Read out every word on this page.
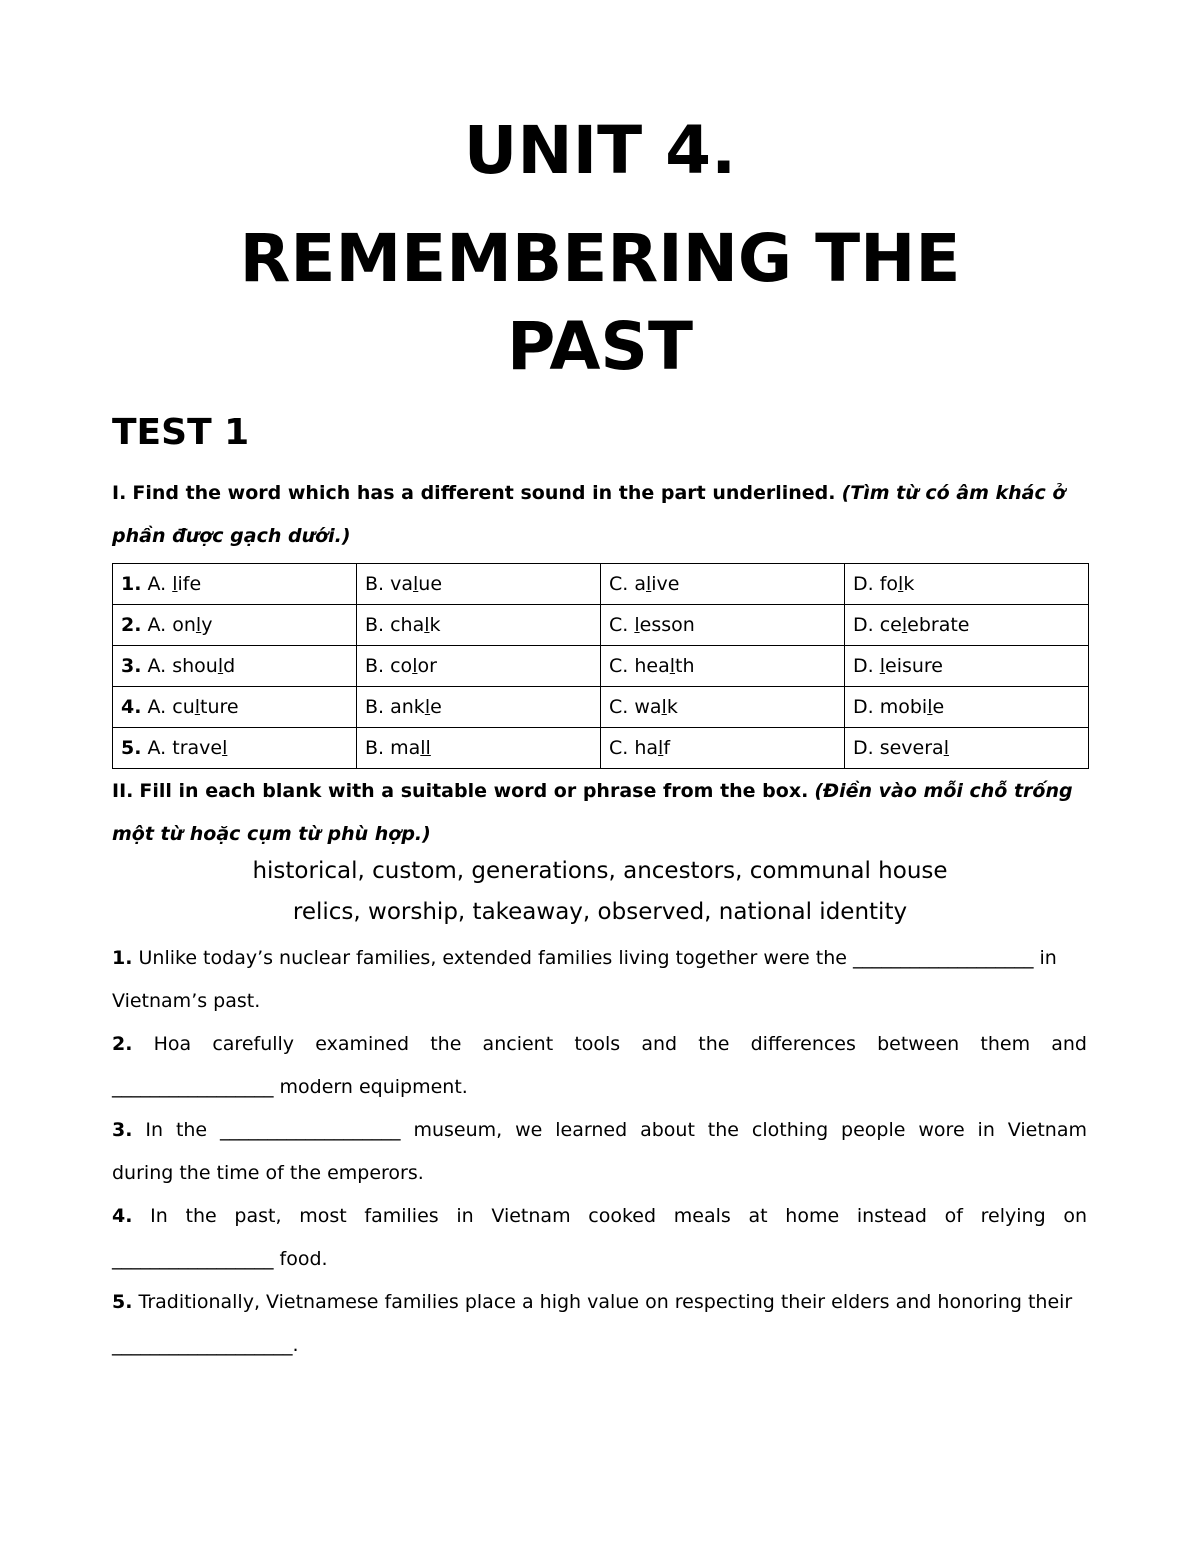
UNIT 4.
REMEMBERING THE
PAST
TEST 1

I. Find the word which has a different sound in the part underlined. (Tìm từ có âm khác ở phần được gạch dưới.)

1. A. life	B. value	C. alive	D. folk
2. A. only	B. chalk	C. lesson	D. celebrate
3. A. should	B. color	C. health	D. leisure
4. A. culture	B. ankle	C. walk	D. mobile
5. A. travel	B. mall	C. half	D. several

II. Fill in each blank with a suitable word or phrase from the box. (Điền vào mỗi chỗ trống một từ hoặc cụm từ phù hợp.)

historical, custom, generations, ancestors, communal house

relics, worship, takeaway, observed, national identity

1. Unlike today’s nuclear families, extended families living together were the ___________________ in

Vietnam’s past.

2. Hoa carefully examined the ancient tools and the differences between them and

_________________ modern equipment.

3. In the ___________________ museum, we learned about the clothing people wore in Vietnam

during the time of the emperors.

4. In the past, most families in Vietnam cooked meals at home instead of relying on

_________________ food.

5. Traditionally, Vietnamese families place a high value on respecting their elders and honoring their

___________________.
